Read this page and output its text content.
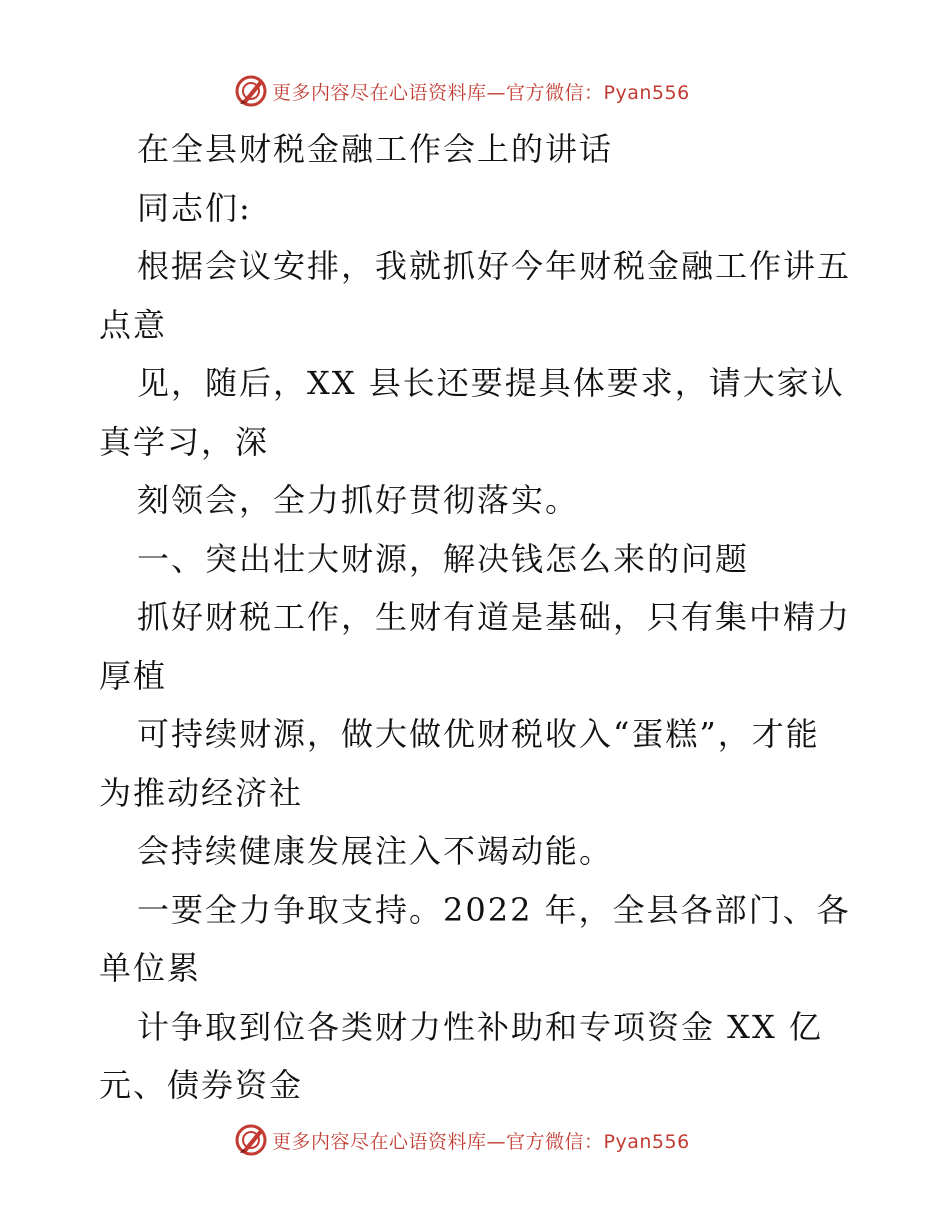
更多内容尽在心语资料库—官方微信：Pyan556
在全县财税金融工作会上的讲话
同志们:
根据会议安排，我就抓好今年财税金融工作讲五
点意
见，随后，XX 县长还要提具体要求，请大家认
真学习，深
刻领会，全力抓好贯彻落实。
一、突出壮大财源，解决钱怎么来的问题
抓好财税工作，生财有道是基础，只有集中精力
厚植
可持续财源，做大做优财税收入“蛋糕”，才能
为推动经济社
会持续健康发展注入不竭动能。
一要全力争取支持。2022 年，全县各部门、各
单位累
计争取到位各类财力性补助和专项资金 XX 亿
元、债券资金
更多内容尽在心语资料库—官方微信：Pyan556
